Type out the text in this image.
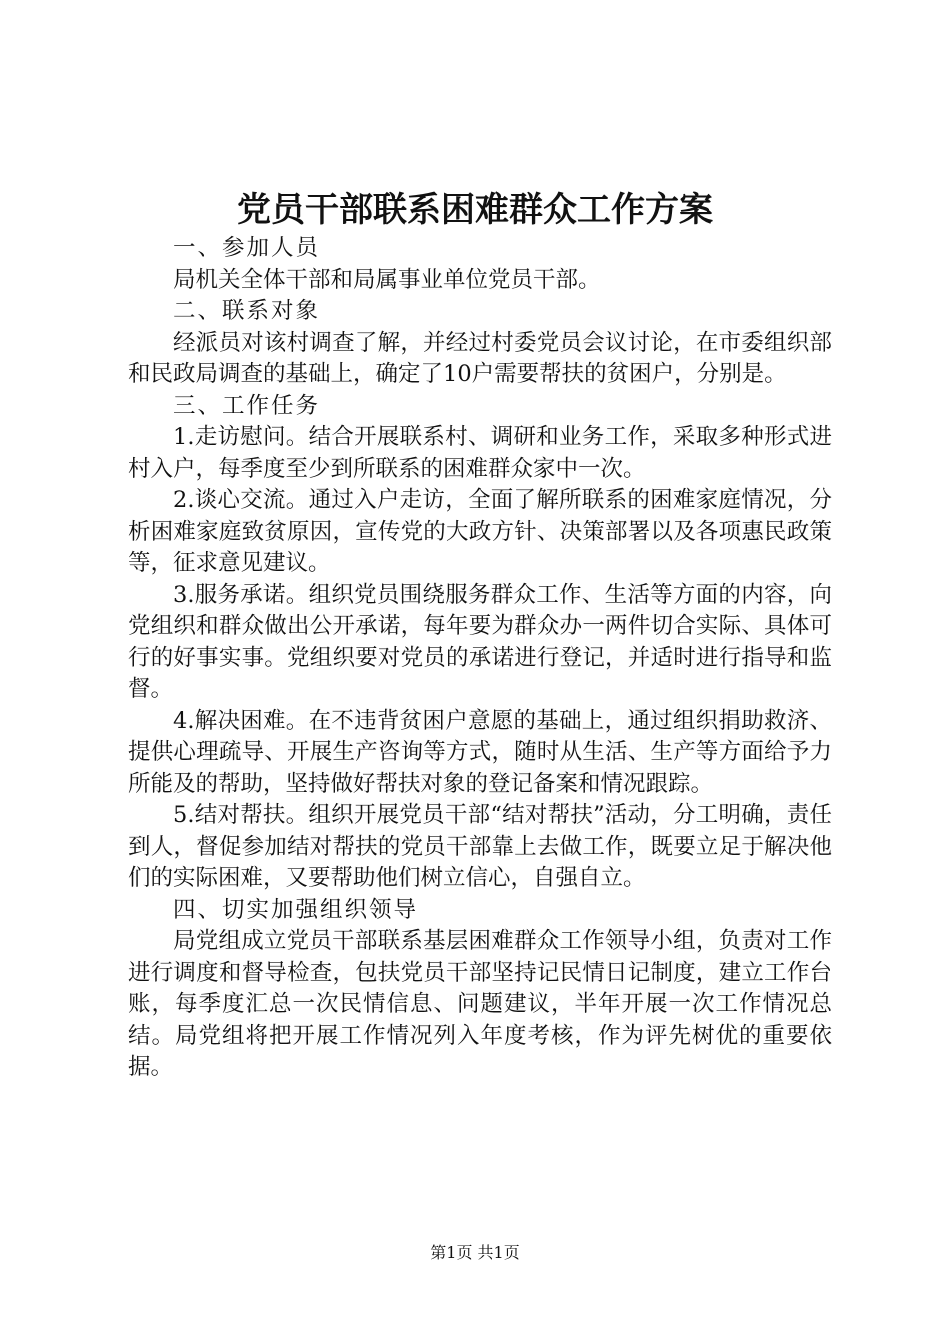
党员干部联系困难群众工作方案

一、参加人员

局机关全体干部和局属事业单位党员干部。

二、联系对象

经派员对该村调查了解，并经过村委党员会议讨论，在市委组织部和民政局调查的基础上，确定了10户需要帮扶的贫困户，分别是。

三、工作任务

1.走访慰问。结合开展联系村、调研和业务工作，采取多种形式进村入户，每季度至少到所联系的困难群众家中一次。

2.谈心交流。通过入户走访，全面了解所联系的困难家庭情况，分析困难家庭致贫原因，宣传党的大政方针、决策部署以及各项惠民政策等，征求意见建议。

3.服务承诺。组织党员围绕服务群众工作、生活等方面的内容，向党组织和群众做出公开承诺，每年要为群众办一两件切合实际、具体可行的好事实事。党组织要对党员的承诺进行登记，并适时进行指导和监督。

4.解决困难。在不违背贫困户意愿的基础上，通过组织捐助救济、提供心理疏导、开展生产咨询等方式，随时从生活、生产等方面给予力所能及的帮助，坚持做好帮扶对象的登记备案和情况跟踪。

5.结对帮扶。组织开展党员干部“结对帮扶”活动，分工明确，责任到人，督促参加结对帮扶的党员干部靠上去做工作，既要立足于解决他们的实际困难，又要帮助他们树立信心，自强自立。

四、切实加强组织领导

局党组成立党员干部联系基层困难群众工作领导小组，负责对工作进行调度和督导检查，包扶党员干部坚持记民情日记制度，建立工作台账，每季度汇总一次民情信息、问题建议，半年开展一次工作情况总结。局党组将把开展工作情况列入年度考核，作为评先树优的重要依据。

第1页 共1页
